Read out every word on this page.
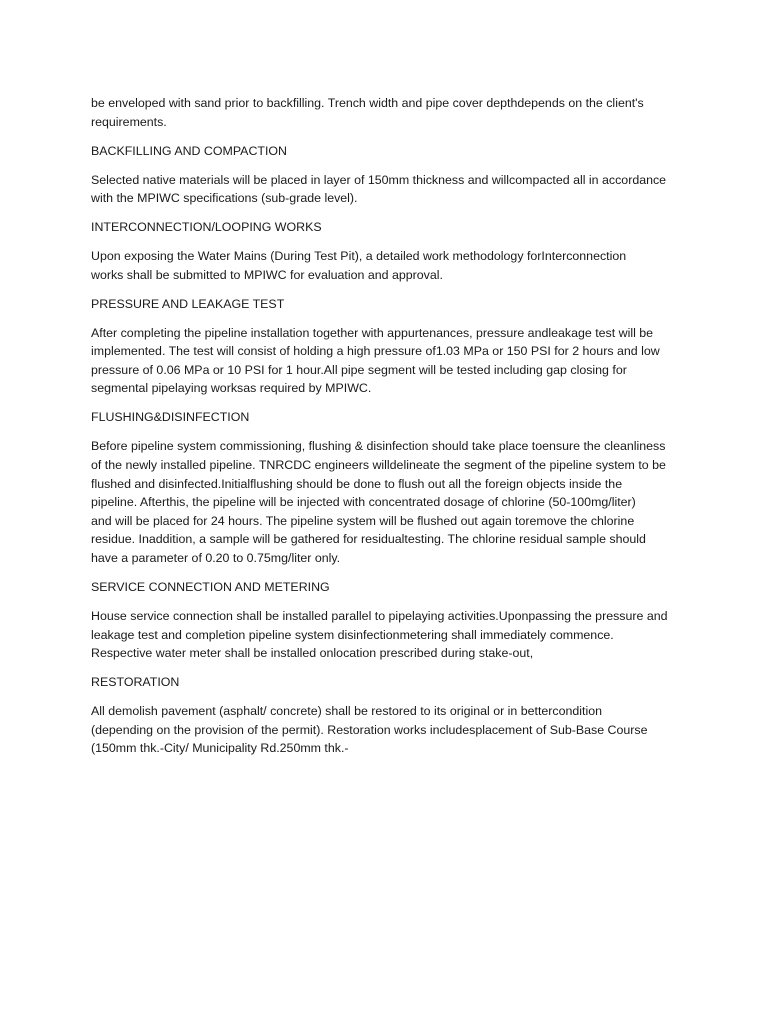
be enveloped with sand prior to backfilling. Trench width and pipe cover depthdepends on the client's
requirements.

BACKFILLING AND COMPACTION

Selected native materials will be placed in layer of 150mm thickness and willcompacted all in accordance
with the MPIWC specifications (sub-grade level).

INTERCONNECTION/LOOPING WORKS

Upon exposing the Water Mains (During Test Pit), a detailed work methodology forInterconnection
works shall be submitted to MPIWC for evaluation and approval.

PRESSURE AND LEAKAGE TEST

After completing the pipeline installation together with appurtenances, pressure andleakage test will be
implemented. The test will consist of holding a high pressure of1.03 MPa or 150 PSI for 2 hours and low
pressure of 0.06 MPa or 10 PSI for 1 hour.All pipe segment will be tested including gap closing for
segmental pipelaying worksas required by MPIWC.

FLUSHING&DISINFECTION

Before pipeline system commissioning, flushing & disinfection should take place toensure the cleanliness
of the newly installed pipeline. TNRCDC engineers willdelineate the segment of the pipeline system to be
flushed and disinfected.Initialflushing should be done to flush out all the foreign objects inside the
pipeline. Afterthis, the pipeline will be injected with concentrated dosage of chlorine (50-100mg/liter)
and will be placed for 24 hours. The pipeline system will be flushed out again toremove the chlorine
residue. Inaddition, a sample will be gathered for residualtesting. The chlorine residual sample should
have a parameter of 0.20 to 0.75mg/liter only.

SERVICE CONNECTION AND METERING

House service connection shall be installed parallel to pipelaying activities.Uponpassing the pressure and
leakage test and completion pipeline system disinfectionmetering shall immediately commence.
Respective water meter shall be installed onlocation prescribed during stake-out,

RESTORATION

All demolish pavement (asphalt/ concrete) shall be restored to its original or in bettercondition
(depending on the provision of the permit). Restoration works includesplacement of Sub-Base Course
(150mm thk.-City/ Municipality Rd.250mm thk.-
